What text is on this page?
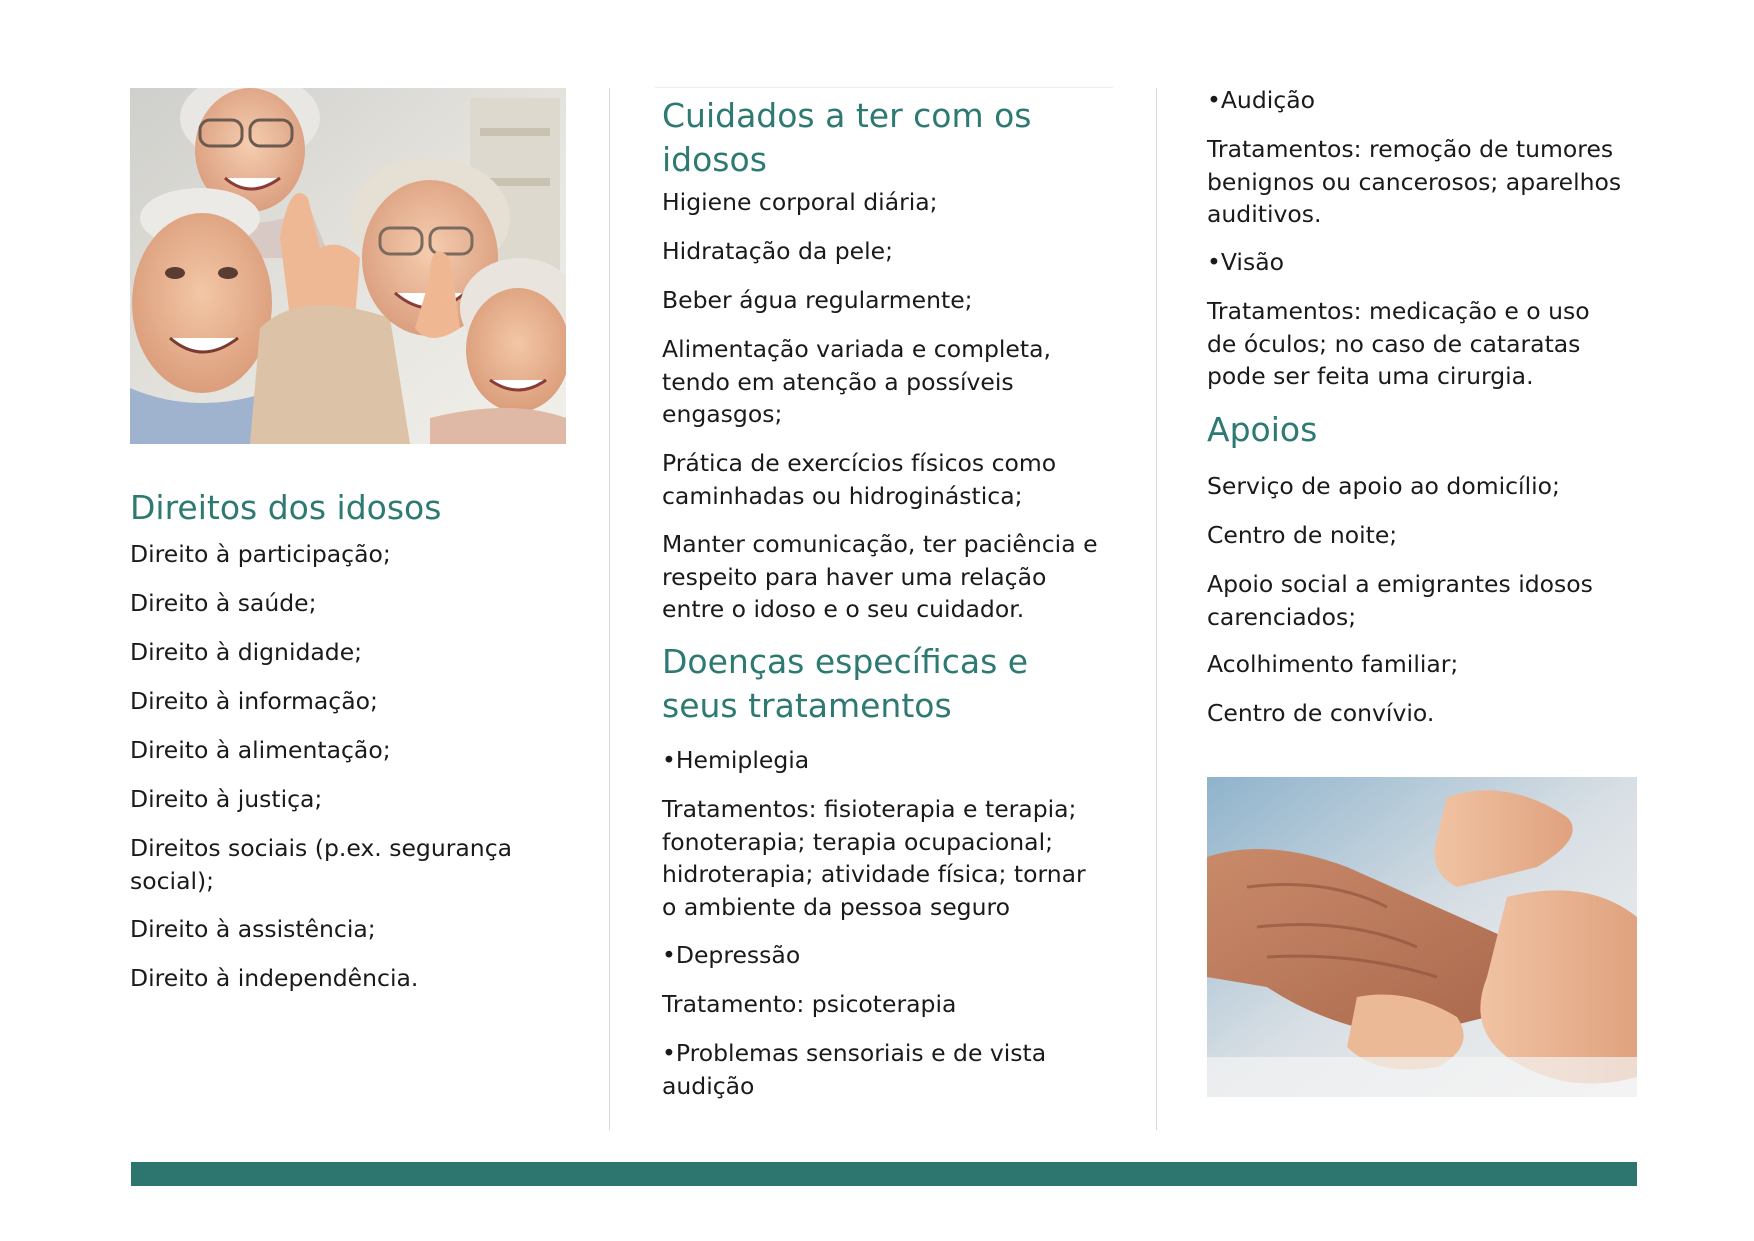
Direitos dos idosos

Direito à participação;

Direito à saúde;

Direito à dignidade;

Direito à informação;

Direito à alimentação;

Direito à justiça;

Direitos sociais (p.ex. segurança social);

Direito à assistência;

Direito à independência.

Cuidados a ter com os idosos

Higiene corporal diária;

Hidratação da pele;

Beber água regularmente;

Alimentação variada e completa, tendo em atenção a possíveis engasgos;

Prática de exercícios físicos como caminhadas ou hidroginástica;

Manter comunicação, ter paciência e respeito para haver uma relação entre o idoso e o seu cuidador.

Doenças específicas e seus tratamentos

•Hemiplegia

Tratamentos: fisioterapia e terapia; fonoterapia; terapia ocupacional; hidroterapia; atividade física; tornar o ambiente da pessoa seguro

•Depressão

Tratamento: psicoterapia

•Problemas sensoriais e de vista audição

•Audição

Tratamentos: remoção de tumores benignos ou cancerosos; aparelhos auditivos.

•Visão

Tratamentos: medicação e o uso de óculos; no caso de cataratas pode ser feita uma cirurgia.

Apoios

Serviço de apoio ao domicílio;

Centro de noite;

Apoio social a emigrantes idosos carenciados;

Acolhimento familiar;

Centro de convívio.
